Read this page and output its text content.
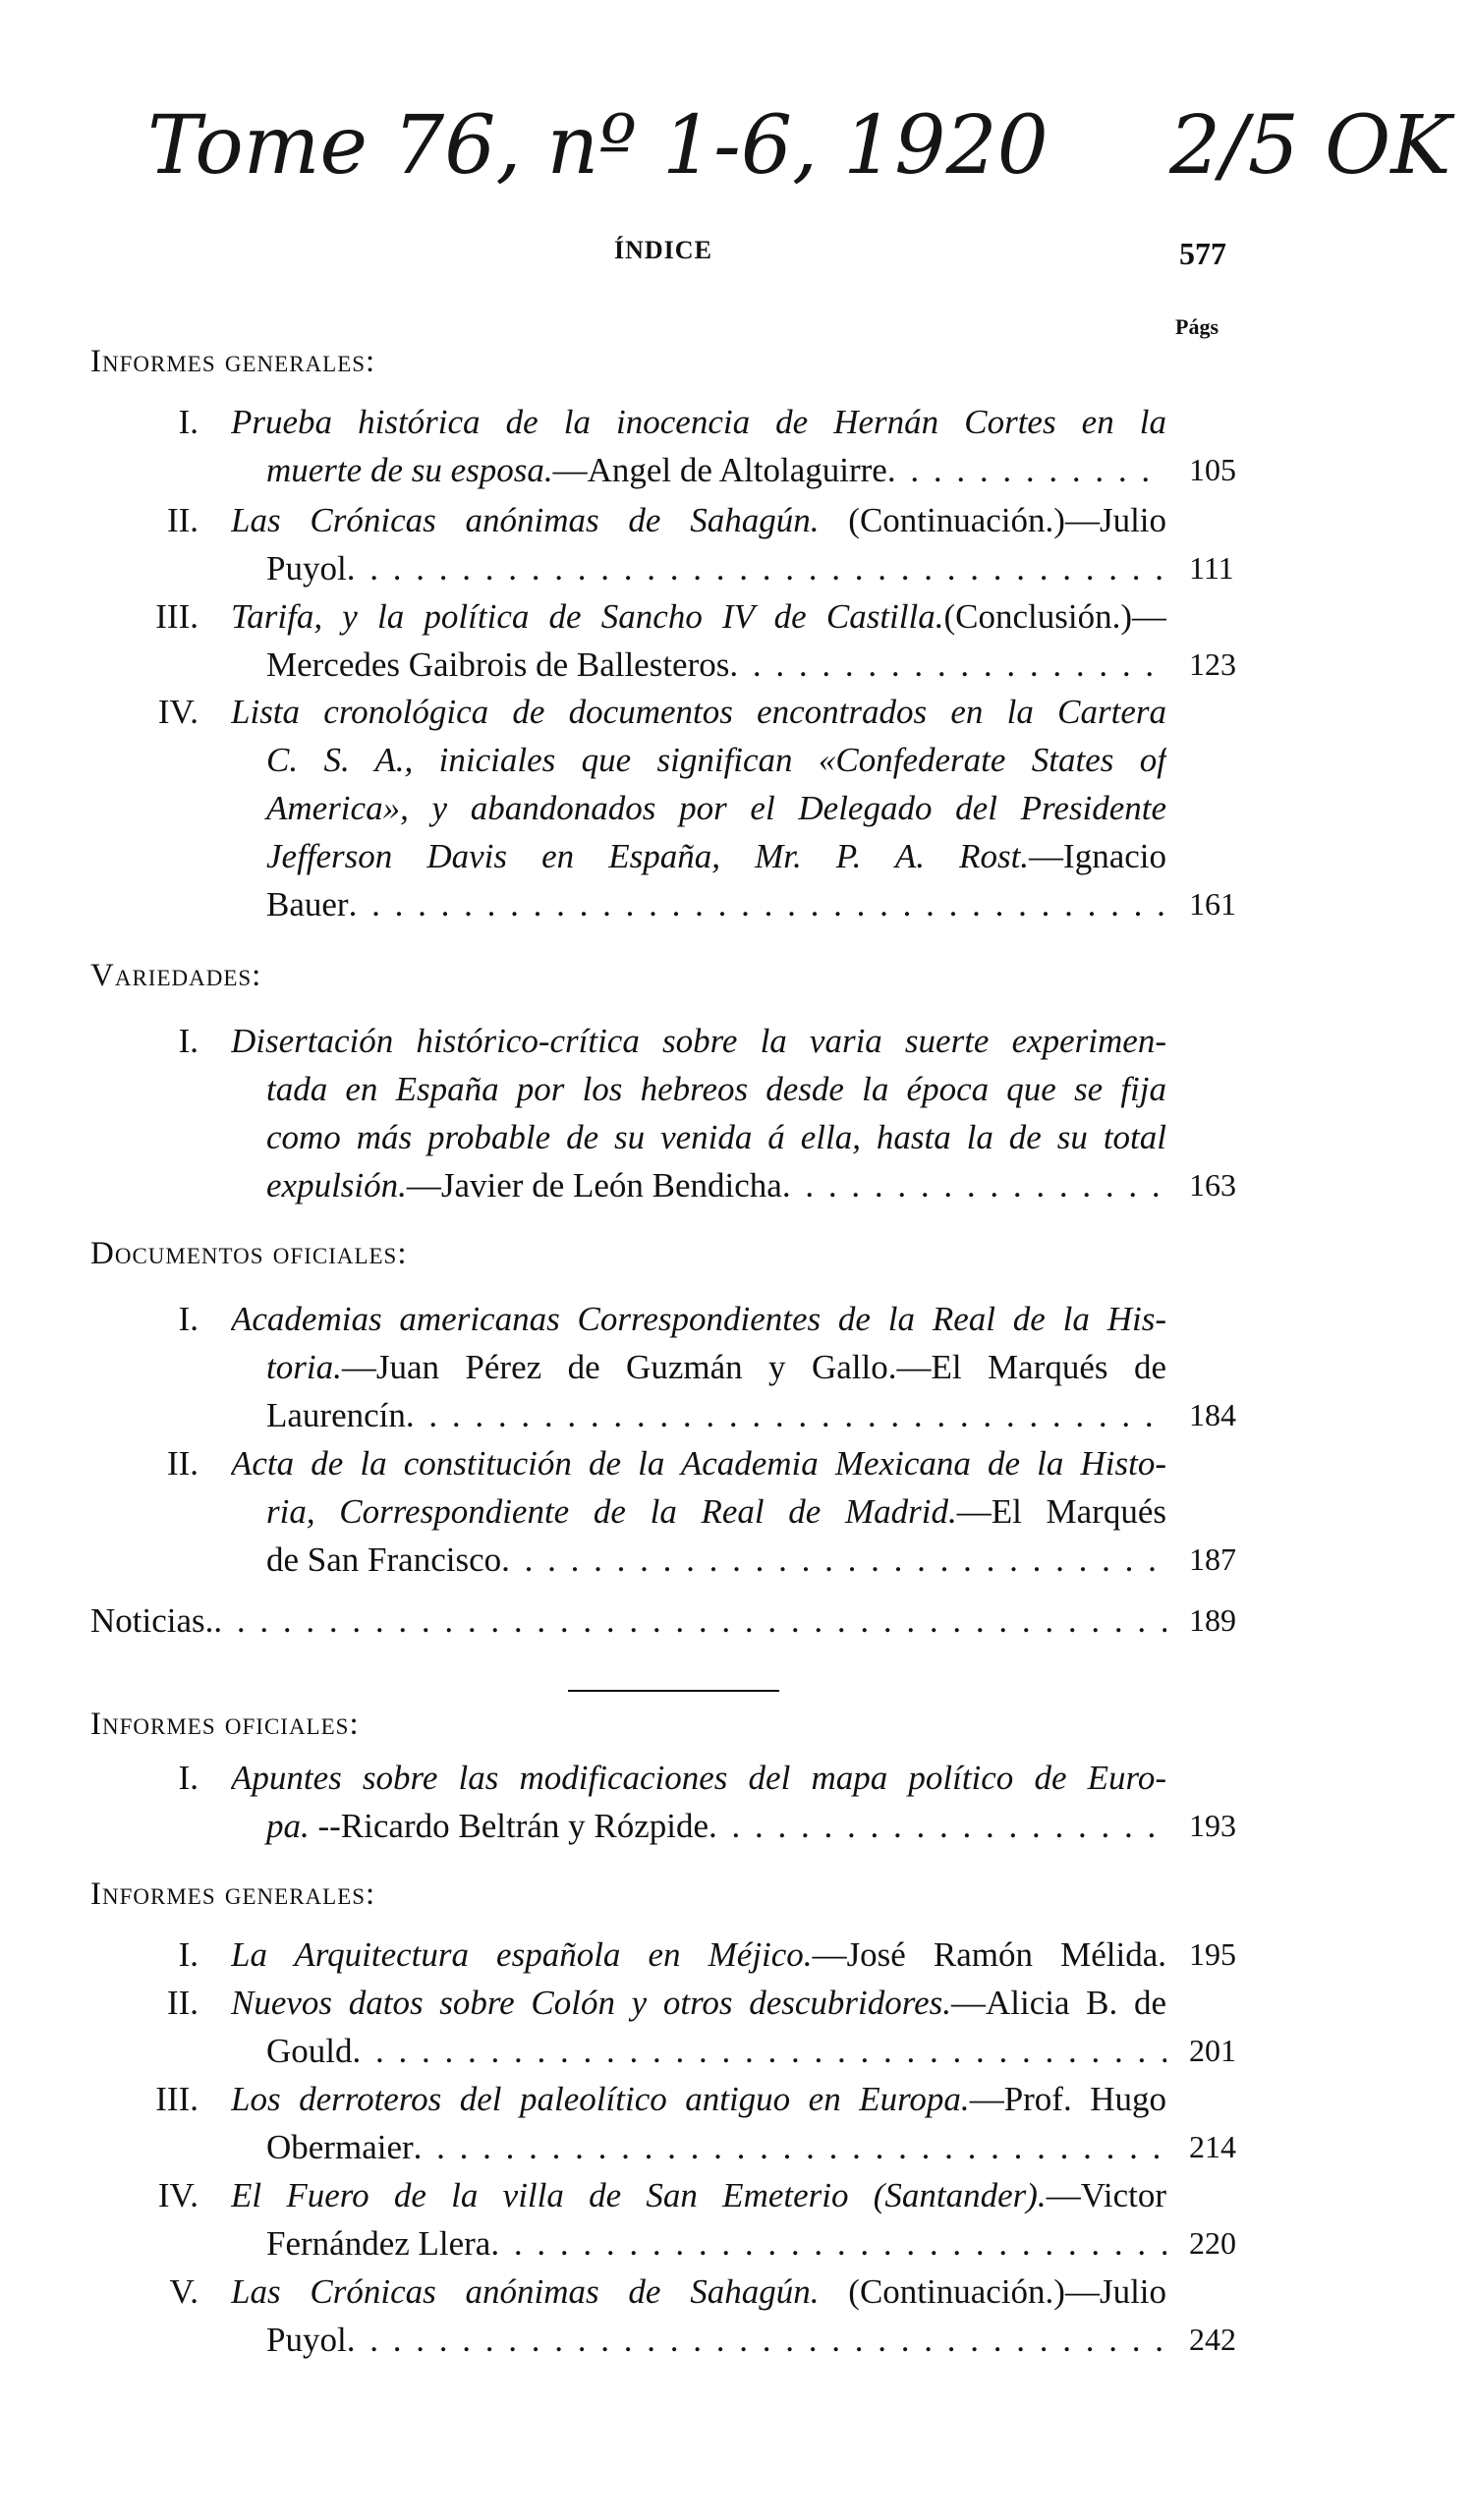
Tome 76, nº 1-6, 1920 2/5 OK
ÍNDICE	577
Págs
Informes generales:
I. Prueba histórica de la inocencia de Hernán Cortes en la

muerte de su esposa.—Angel de Altolaguirre . . .	105
II. Las Crónicas anónimas de Sahagún. (Continuación.)—Julio

Puyol . . .	111
III. Tarifa, y la política de Sancho IV de Castilla.(Conclusión.)—

Mercedes Gaibrois de Ballesteros . . .	123
IV. Lista cronológica de documentos encontrados en la Cartera

C. S. A., iniciales que significan «Confederate States of

America», y abandonados por el Delegado del Presidente

Jefferson Davis en España, Mr. P. A. Rost.—Ignacio

Bauer . . .	161
Variedades:
I. Disertación histórico-crítica sobre la varia suerte experimen-

tada en España por los hebreos desde la época que se fija

como más probable de su venida á ella, hasta la de su total

expulsión.—Javier de León Bendicha . . .	163
Documentos oficiales:
I. Academias americanas Correspondientes de la Real de la His-

toria.—Juan Pérez de Guzmán y Gallo.—El Marqués de

Laurencín . . .	184
II. Acta de la constitución de la Academia Mexicana de la Histo-

ria, Correspondiente de la Real de Madrid.—El Marqués

de San Francisco . . .	187

Noticias. . . .	189
Informes oficiales:
I. Apuntes sobre las modificaciones del mapa político de Euro-

pa. --Ricardo Beltrán y Rózpide . . .	193
Informes generales:
I. La Arquitectura española en Méjico.—José Ramón Mélida. 195
II. Nuevos datos sobre Colón y otros descubridores.—Alicia B. de

Gould . . .	201
III. Los derroteros del paleolítico antiguo en Europa.—Prof. Hugo

Obermaier . . .	214
IV. El Fuero de la villa de San Emeterio (Santander).—Victor

Fernández Llera . . .	220
V. Las Crónicas anónimas de Sahagún. (Continuación.)—Julio

Puyol . . .	242
